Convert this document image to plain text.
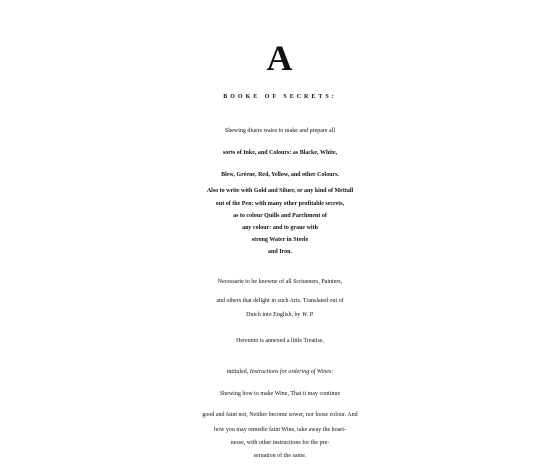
A
BOOKE OF SECRETS:
Shewing diuers waies to make and prepare all
sorts of Inke, and Colours: as Blacke, White,
Blew, Gréene, Red, Yellow, and other Colours.
Also to write with Gold and Siluer, or any kind of Mettall
out of the Pen: with many other profitable secrets,
as to colour Quills and Parchment of
any colour: and to graue with
strong Water in Steele
and Iron.
Necessarie to be knowne of all Scriueners, Painters,
and others that delight in such Arts. Translated out of
Dutch into English, by W. P.
Hereunto is annexed a little Treatise,
intituled, Instructions for ordering of Wines:
Shewing how to make Wine, That it may continue
good and faint not, Neither become sower, nor loose colour. And
how you may remedie faint Wine, take away the hoari-
nesse, with other instructions for the pre-
seruation of the same.
